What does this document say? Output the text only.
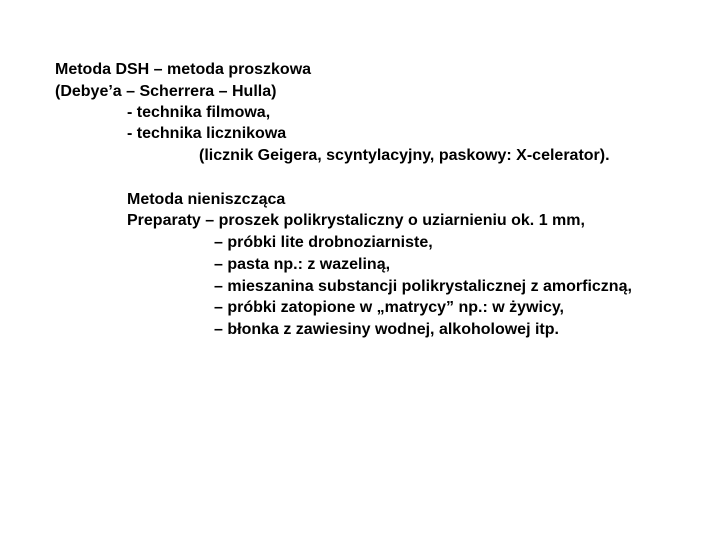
Metoda DSH – metoda proszkowa
(Debye’a – Scherrera – Hulla)
- technika filmowa,
- technika licznikowa
(licznik Geigera, scyntylacyjny, paskowy: X-celerator).
Metoda nieniszcząca
Preparaty – proszek polikrystaliczny o uziarnieniu ok. 1 mm,
– próbki lite drobnoziarniste,
– pasta np.: z wazeliną,
– mieszanina substancji polikrystalicznej z amorficzną,
– próbki zatopione w „matrycy” np.: w żywicy,
– błonka z zawiesiny wodnej, alkoholowej itp.
